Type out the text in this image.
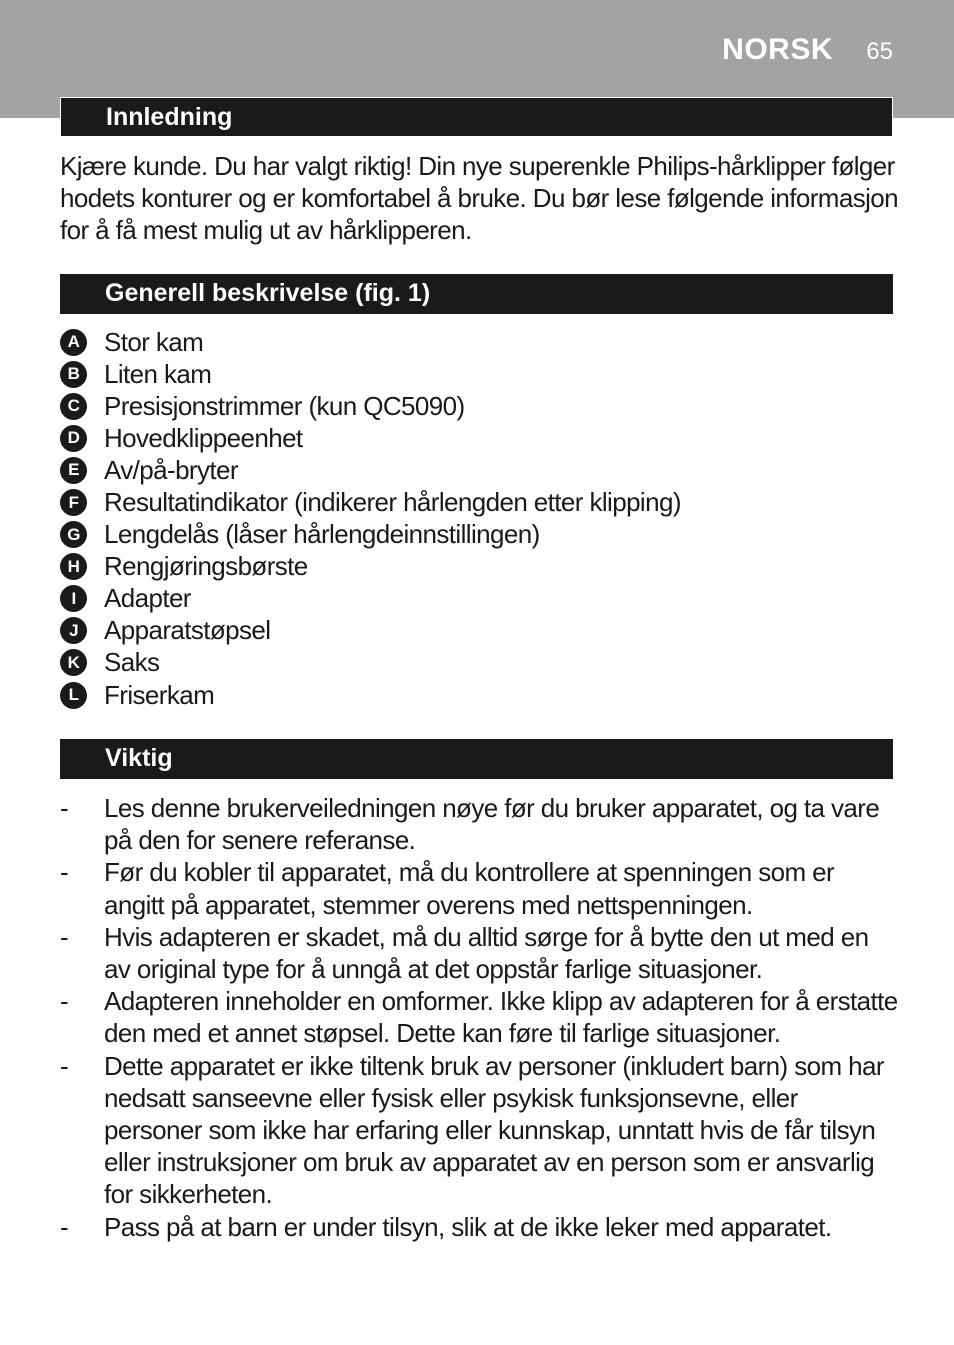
NORSK 65
Innledning
Kjære kunde. Du har valgt riktig! Din nye superenkle Philips-hårklipper følger hodets konturer og er komfortabel å bruke. Du bør lese følgende informasjon for å få mest mulig ut av hårklipperen.
Generell beskrivelse (fig. 1)
A Stor kam
B Liten kam
C Presisjonstrimmer (kun QC5090)
D Hovedklippeenhet
E Av/på-bryter
F Resultatindikator (indikerer hårlengden etter klipping)
G Lengdelås (låser hårlengdeinnstillingen)
H Rengjøringsbørste
I	Adapter
J	Apparatstøpsel
K Saks
L Friserkam
Viktig
- Les denne brukerveiledningen nøye før du bruker apparatet, og ta vare på den for senere referanse.
- Før du kobler til apparatet, må du kontrollere at spenningen som er angitt på apparatet, stemmer overens med nettspenningen.
- Hvis adapteren er skadet, må du alltid sørge for å bytte den ut med en av original type for å unngå at det oppstår farlige situasjoner.
- Adapteren inneholder en omformer. Ikke klipp av adapteren for å erstatte den med et annet støpsel. Dette kan føre til farlige situasjoner.
- Dette apparatet er ikke tiltenk bruk av personer (inkludert barn) som har nedsatt sanseevne eller fysisk eller psykisk funksjonsevne, eller personer som ikke har erfaring eller kunnskap, unntatt hvis de får tilsyn eller instruksjoner om bruk av apparatet av en person som er ansvarlig for sikkerheten.
- Pass på at barn er under tilsyn, slik at de ikke leker med apparatet.
